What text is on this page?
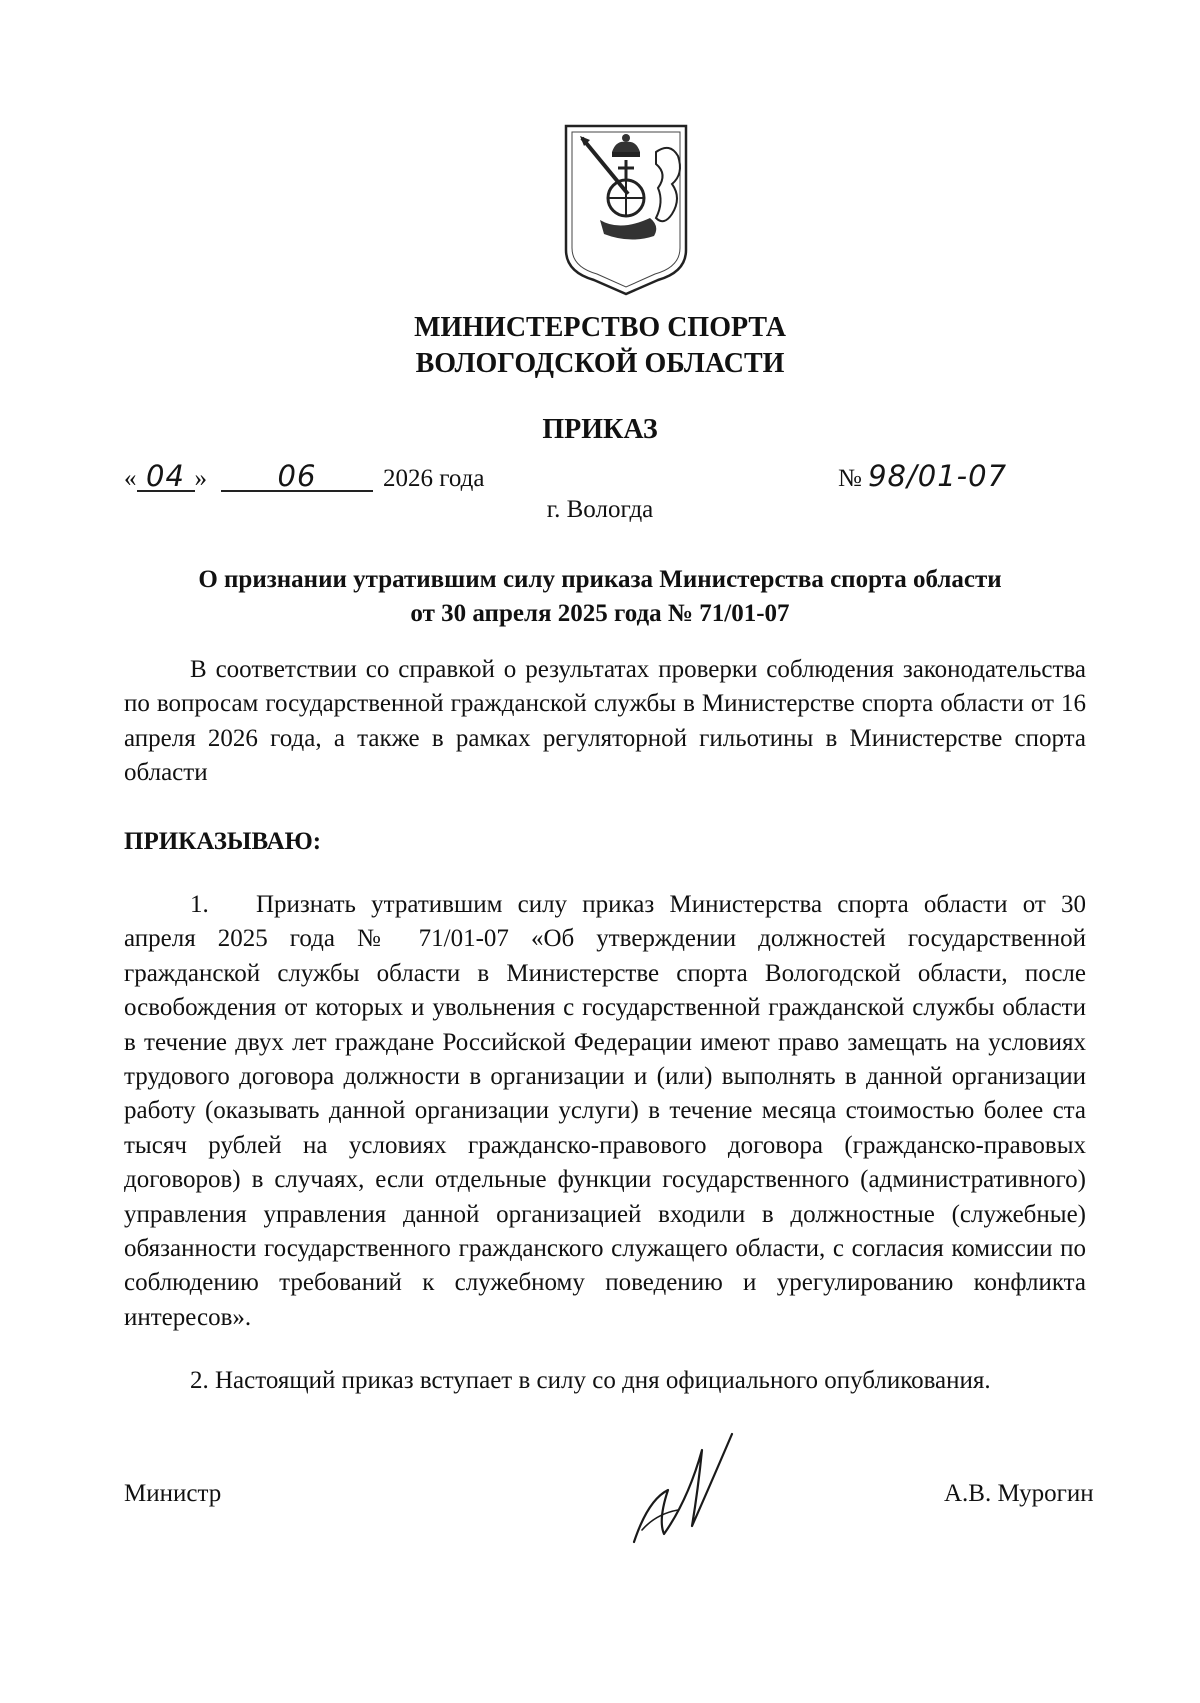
МИНИСТЕРСТВО СПОРТА
ВОЛОГОДСКОЙ ОБЛАСТИ
ПРИКАЗ
« 04 » 06	2026 года	№ 98/01-07
г. Вологда
О признании утратившим силу приказа Министерства спорта области
от 30 апреля 2025 года № 71/01-07
В соответствии со справкой о результатах проверки соблюдения законодательства по вопросам государственной гражданской службы в Министерстве спорта области от 16 апреля 2026 года, а также в рамках регуляторной гильотины в Министерстве спорта области
ПРИКАЗЫВАЮ:
1. Признать утратившим силу приказ Министерства спорта области от 30 апреля 2025 года № 71/01-07 «Об утверждении должностей государственной гражданской службы области в Министерстве спорта Вологодской области, после освобождения от которых и увольнения с государственной гражданской службы области в течение двух лет граждане Российской Федерации имеют право замещать на условиях трудового договора должности в организации и (или) выполнять в данной организации работу (оказывать данной организации услуги) в течение месяца стоимостью более ста тысяч рублей на условиях гражданско-правового договора (гражданско-правовых договоров) в случаях, если отдельные функции государственного (административного) управления управления данной организацией входили в должностные (служебные) обязанности государственного гражданского служащего области, с согласия комиссии по соблюдению требований к служебному поведению и урегулированию конфликта интересов».
2. Настоящий приказ вступает в силу со дня официального опубликования.
Министр	А.В. Мурогин
